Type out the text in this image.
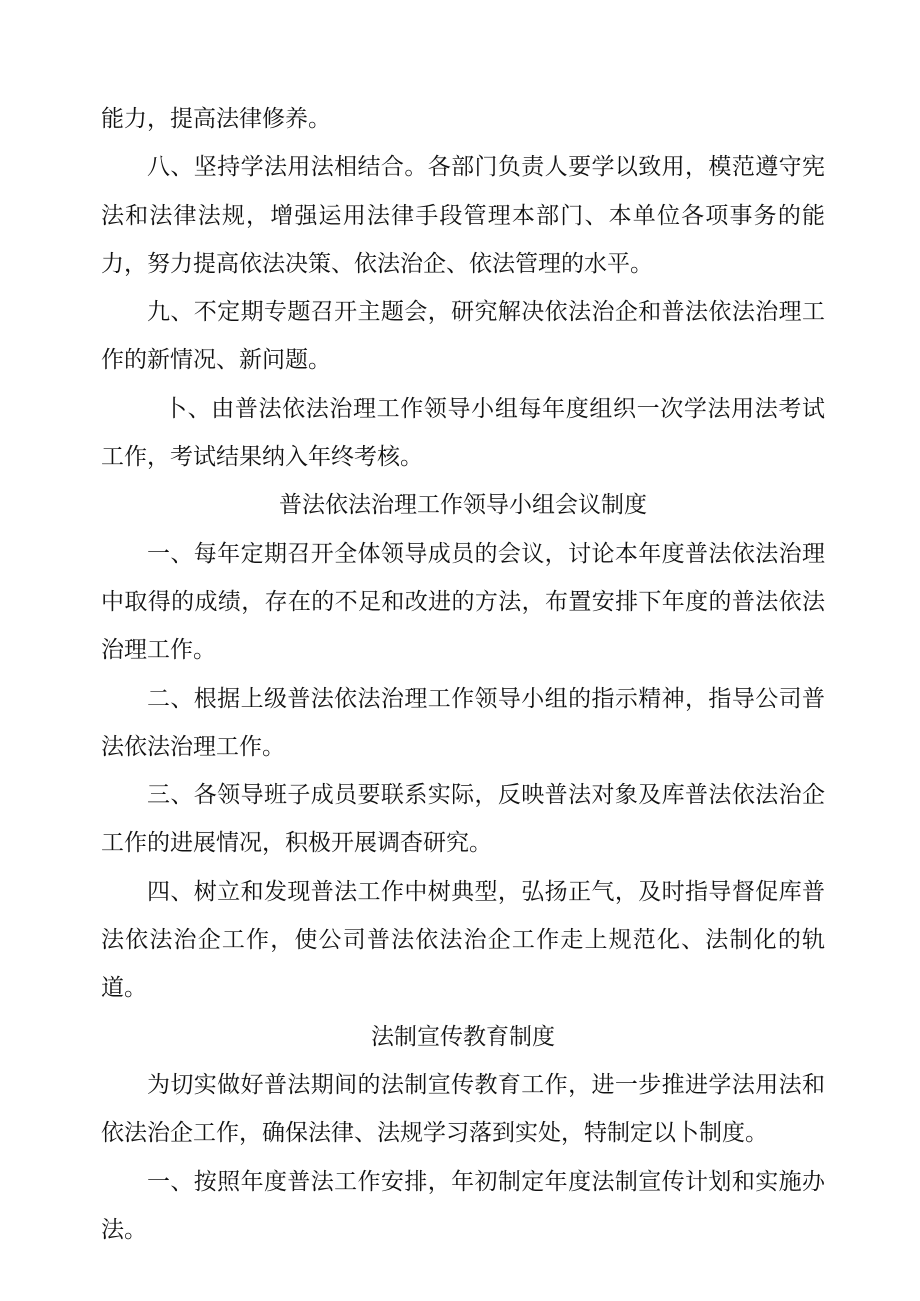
能力，提高法律修养。

八、坚持学法用法相结合。各部门负责人要学以致用，模范遵守宪法和法律法规，增强运用法律手段管理本部门、本单位各项事务的能力，努力提高依法决策、依法治企、依法管理的水平。

九、不定期专题召开主题会，研究解决依法治企和普法依法治理工作的新情况、新问题。

卜、由普法依法治理工作领导小组每年度组织一次学法用法考试工作，考试结果纳入年终考核。

普法依法治理工作领导小组会议制度

一、每年定期召开全体领导成员的会议，讨论本年度普法依法治理中取得的成绩，存在的不足和改进的方法，布置安排下年度的普法依法治理工作。

二、根据上级普法依法治理工作领导小组的指示精神，指导公司普法依法治理工作。

三、各领导班子成员要联系实际，反映普法对象及库普法依法治企工作的进展情况，积极开展调杳研究。

四、树立和发现普法工作中树典型，弘扬正气，及时指导督促库普法依法治企工作，使公司普法依法治企工作走上规范化、法制化的轨道。

法制宣传教育制度

为切实做好普法期间的法制宣传教育工作，进一步推进学法用法和依法治企工作，确保法律、法规学习落到实处，特制定以卜制度。

一、按照年度普法工作安排，年初制定年度法制宣传计划和实施办法。
